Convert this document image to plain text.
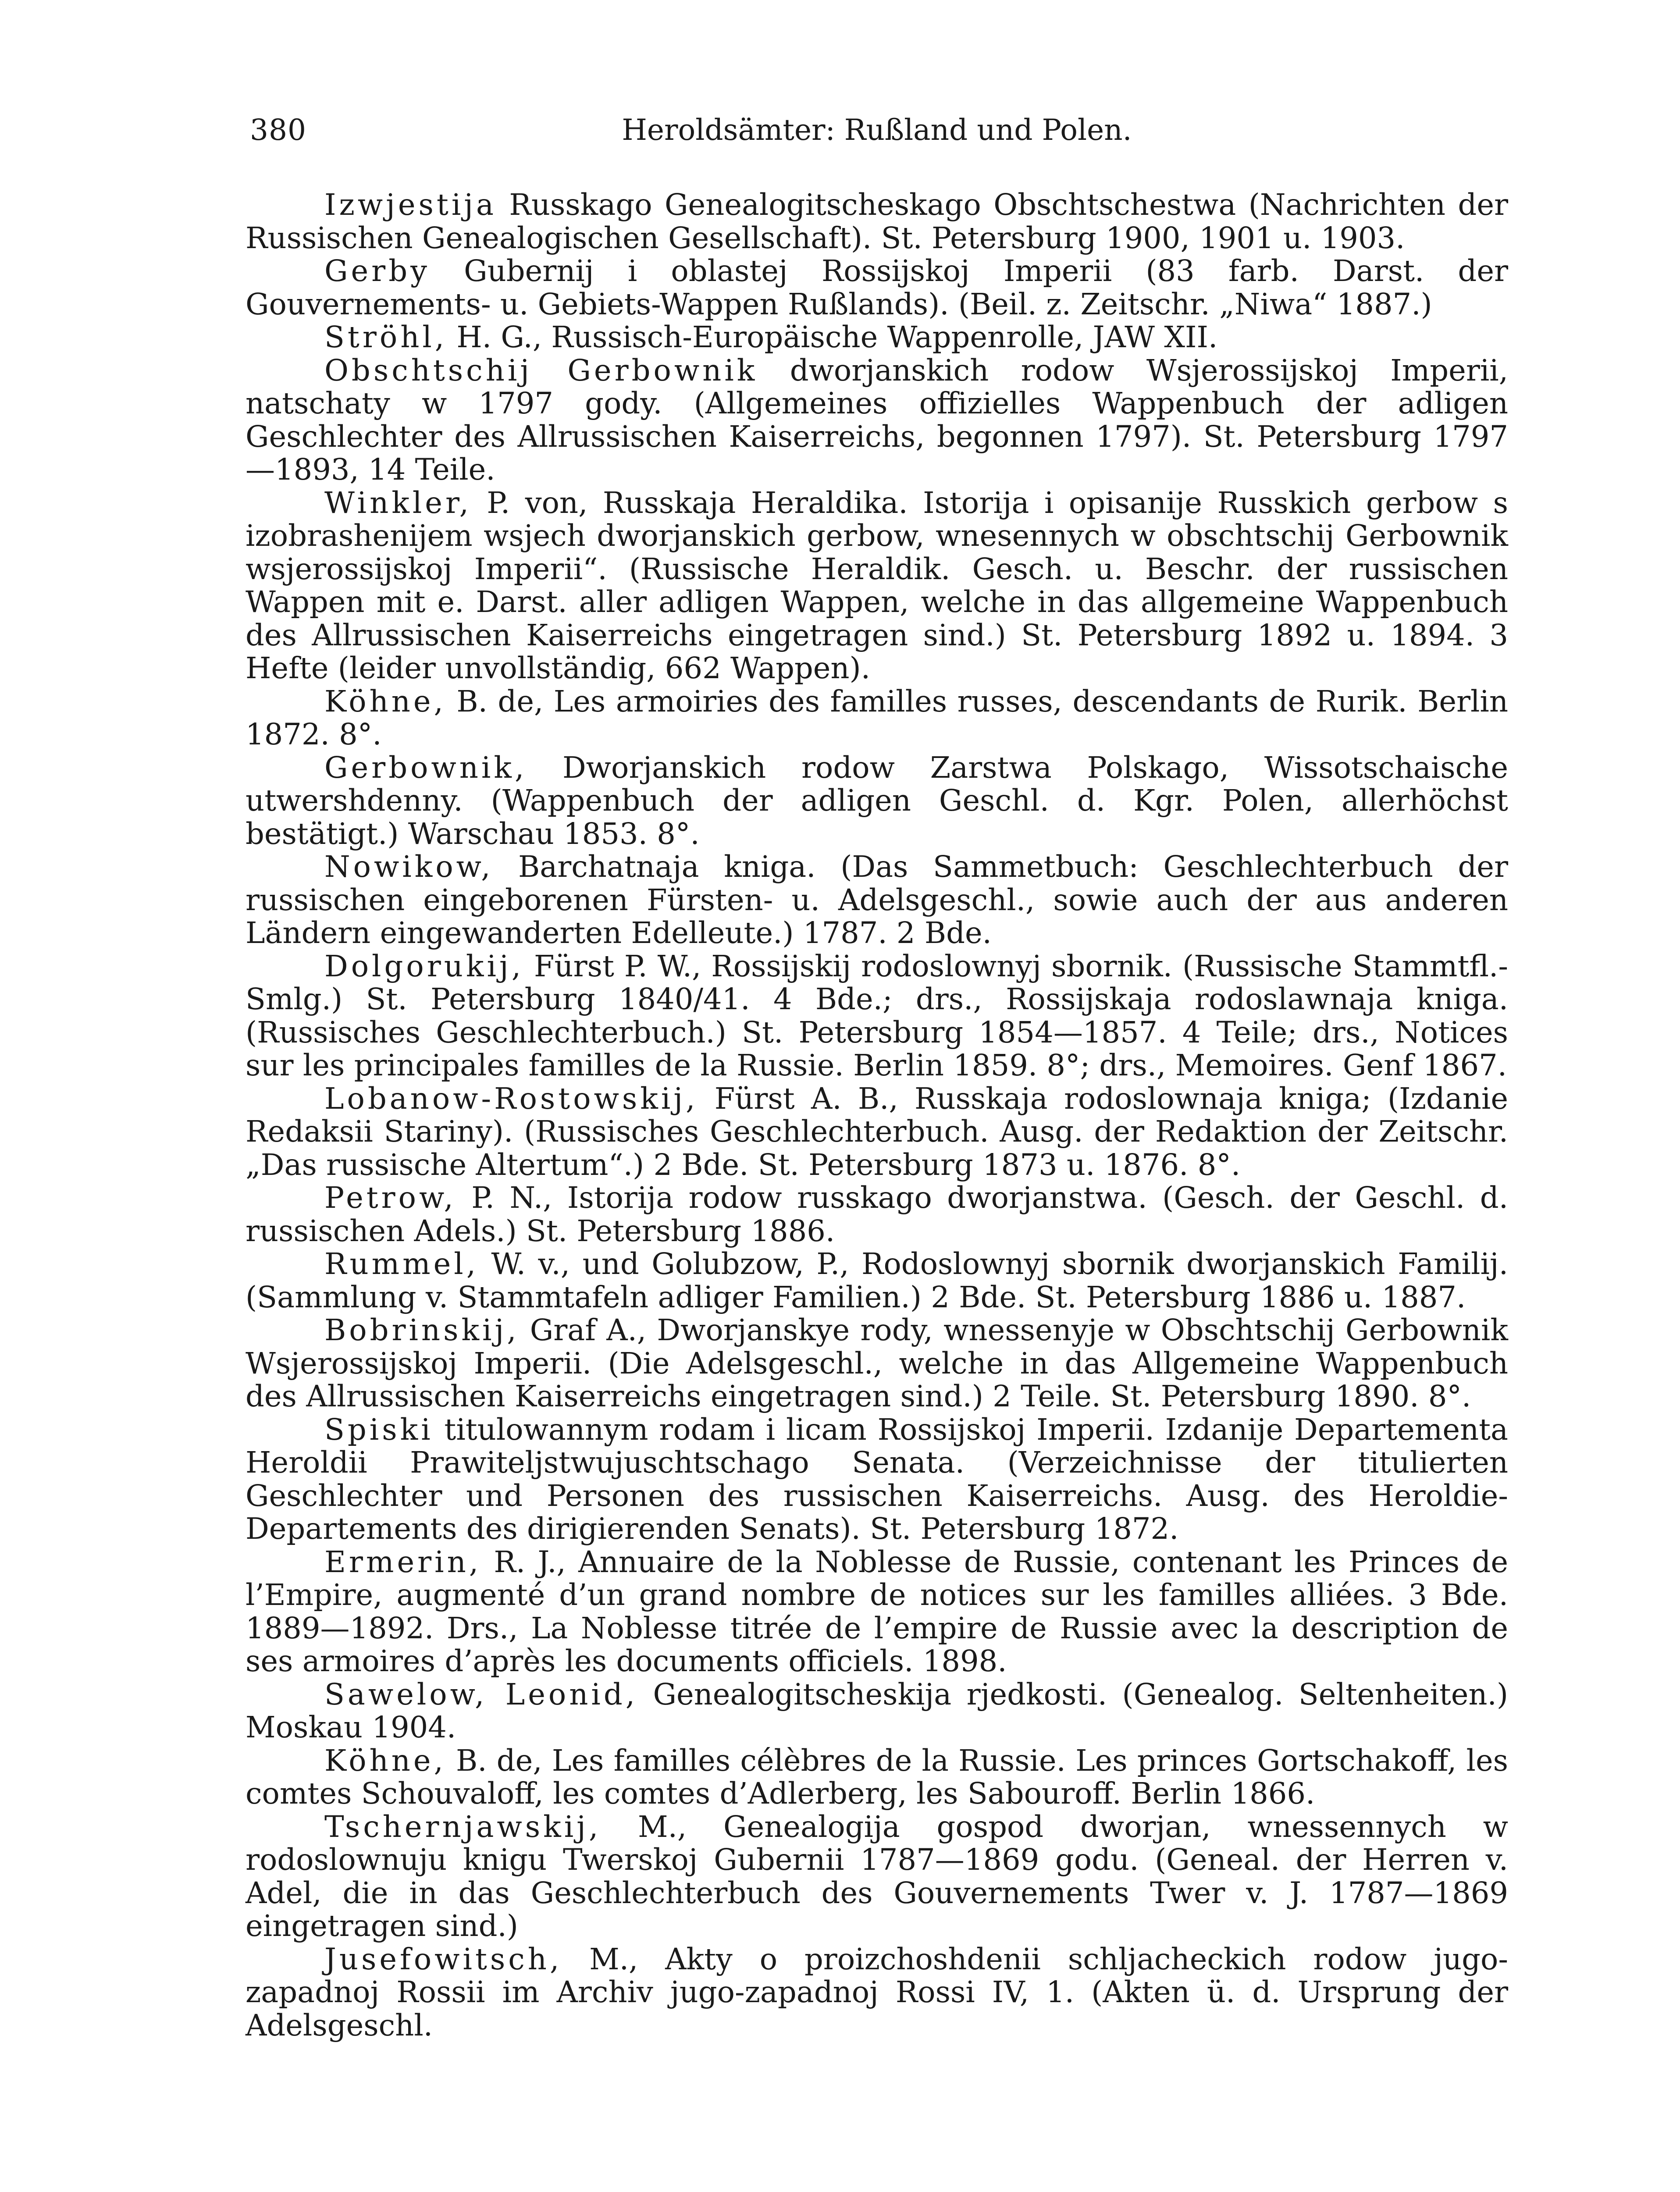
380	Heroldsämter: Rußland und Polen.

Izwjestija Russkago Genealogitscheskago Obschtschestwa (Nachrichten der Russischen Genealogischen Gesellschaft). St. Petersburg 1900, 1901 u. 1903.

Gerby Gubernij i oblastej Rossijskoj Imperii (83 farb. Darst. der Gouvernements- u. Gebiets-Wappen Rußlands). (Beil. z. Zeitschr. „Niwa“ 1887.)

Ströhl, H. G., Russisch-Europäische Wappenrolle, JAW XII.

Obschtschij Gerbownik dworjanskich rodow Wsjerossijskoj Imperii, natschaty w 1797 gody. (Allgemeines offizielles Wappenbuch der adligen Geschlechter des Allrussischen Kaiserreichs, begonnen 1797). St. Petersburg 1797—1893, 14 Teile.

Winkler, P. von, Russkaja Heraldika. Istorija i opisanije Russkich gerbow s izobrashenijem wsjech dworjanskich gerbow, wnesennych w obschtschij Gerbownik wsjerossijskoj Imperii“. (Russische Heraldik. Gesch. u. Beschr. der russischen Wappen mit e. Darst. aller adligen Wappen, welche in das allgemeine Wappenbuch des Allrussischen Kaiserreichs eingetragen sind.) St. Petersburg 1892 u. 1894. 3 Hefte (leider unvollständig, 662 Wappen).

Köhne, B. de, Les armoiries des familles russes, descendants de Rurik. Berlin 1872. 8°.

Gerbownik, Dworjanskich rodow Zarstwa Polskago, Wissotschaische utwershdenny. (Wappenbuch der adligen Geschl. d. Kgr. Polen, allerhöchst bestätigt.) Warschau 1853. 8°.

Nowikow, Barchatnaja kniga. (Das Sammetbuch: Geschlechterbuch der russischen eingeborenen Fürsten- u. Adelsgeschl., sowie auch der aus anderen Ländern eingewanderten Edelleute.) 1787. 2 Bde.

Dolgorukij, Fürst P. W., Rossijskij rodoslownyj sbornik. (Russische Stammtfl.-Smlg.) St. Petersburg 1840/41. 4 Bde.; drs., Rossijskaja rodoslawnaja kniga. (Russisches Geschlechterbuch.) St. Petersburg 1854—1857. 4 Teile; drs., Notices sur les principales familles de la Russie. Berlin 1859. 8°; drs., Memoires. Genf 1867.

Lobanow-Rostowskij, Fürst A. B., Russkaja rodoslownaja kniga; (Izdanie Redaksii Stariny). (Russisches Geschlechterbuch. Ausg. der Redaktion der Zeitschr. „Das russische Altertum“.) 2 Bde. St. Petersburg 1873 u. 1876. 8°.

Petrow, P. N., Istorija rodow russkago dworjanstwa. (Gesch. der Geschl. d. russischen Adels.) St. Petersburg 1886.

Rummel, W. v., und Golubzow, P., Rodoslownyj sbornik dworjanskich Familij. (Sammlung v. Stammtafeln adliger Familien.) 2 Bde. St. Petersburg 1886 u. 1887.

Bobrinskij, Graf A., Dworjanskye rody, wnessenyje w Obschtschij Gerbownik Wsjerossijskoj Imperii. (Die Adelsgeschl., welche in das Allgemeine Wappenbuch des Allrussischen Kaiserreichs eingetragen sind.) 2 Teile. St. Petersburg 1890. 8°.

Spiski titulowannym rodam i licam Rossijskoj Imperii. Izdanije Departementa Heroldii Prawiteljstwujuschtschago Senata. (Verzeichnisse der titulierten Geschlechter und Personen des russischen Kaiserreichs. Ausg. des Heroldie-Departements des dirigierenden Senats). St. Petersburg 1872.

Ermerin, R. J., Annuaire de la Noblesse de Russie, contenant les Princes de l’Empire, augmenté d’un grand nombre de notices sur les familles alliées. 3 Bde. 1889—1892. Drs., La Noblesse titrée de l’empire de Russie avec la description de ses armoires d’après les documents officiels. 1898.

Sawelow, Leonid, Genealogitscheskija rjedkosti. (Genealog. Seltenheiten.) Moskau 1904.

Köhne, B. de, Les familles célèbres de la Russie. Les princes Gortschakoff, les comtes Schouvaloff, les comtes d’Adlerberg, les Sabouroff. Berlin 1866.

Tschernjawskij, M., Genealogija gospod dworjan, wnessennych w rodoslownuju knigu Twerskoj Gubernii 1787—1869 godu. (Geneal. der Herren v. Adel, die in das Geschlechterbuch des Gouvernements Twer v. J. 1787—1869 eingetragen sind.)

Jusefowitsch, M., Akty o proizchoshdenii schljacheckich rodow jugo-zapadnoj Rossii im Archiv jugo-zapadnoj Rossi IV, 1. (Akten ü. d. Ursprung der Adelsgeschl.
